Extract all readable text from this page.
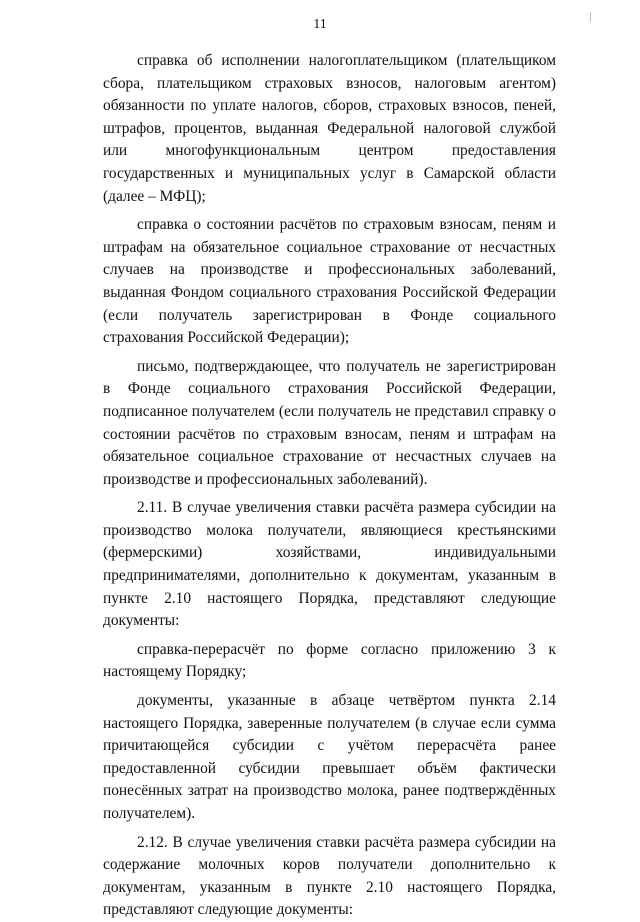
11

справка об исполнении налогоплательщиком (плательщиком сбора, плательщиком страховых взносов, налоговым агентом) обязанности по уплате налогов, сборов, страховых взносов, пеней, штрафов, процентов, выданная Федеральной налоговой службой или многофункциональным центром предоставления государственных и муниципальных услуг в Самарской области (далее – МФЦ);

справка о состоянии расчётов по страховым взносам, пеням и штрафам на обязательное социальное страхование от несчастных случаев на производстве и профессиональных заболеваний, выданная Фондом социального страхования Российской Федерации (если получатель зарегистрирован в Фонде социального страхования Российской Федерации);

письмо, подтверждающее, что получатель не зарегистрирован в Фонде социального страхования Российской Федерации, подписанное получателем (если получатель не представил справку о состоянии расчётов по страховым взносам, пеням и штрафам на обязательное социальное страхование от несчастных случаев на производстве и профессиональных заболеваний).

2.11. В случае увеличения ставки расчёта размера субсидии на производство молока получатели, являющиеся крестьянскими (фермерскими) хозяйствами, индивидуальными предпринимателями, дополнительно к документам, указанным в пункте 2.10 настоящего Порядка, представляют следующие документы:

справка-перерасчёт по форме согласно приложению 3 к настоящему Порядку;

документы, указанные в абзаце четвёртом пункта 2.14 настоящего Порядка, заверенные получателем (в случае если сумма причитающейся субсидии с учётом перерасчёта ранее предоставленной субсидии превышает объём фактически понесённых затрат на производство молока, ранее подтверждённых получателем).

2.12. В случае увеличения ставки расчёта размера субсидии на содержание молочных коров получатели дополнительно к документам, указанным в пункте 2.10 настоящего Порядка, представляют следующие документы:
